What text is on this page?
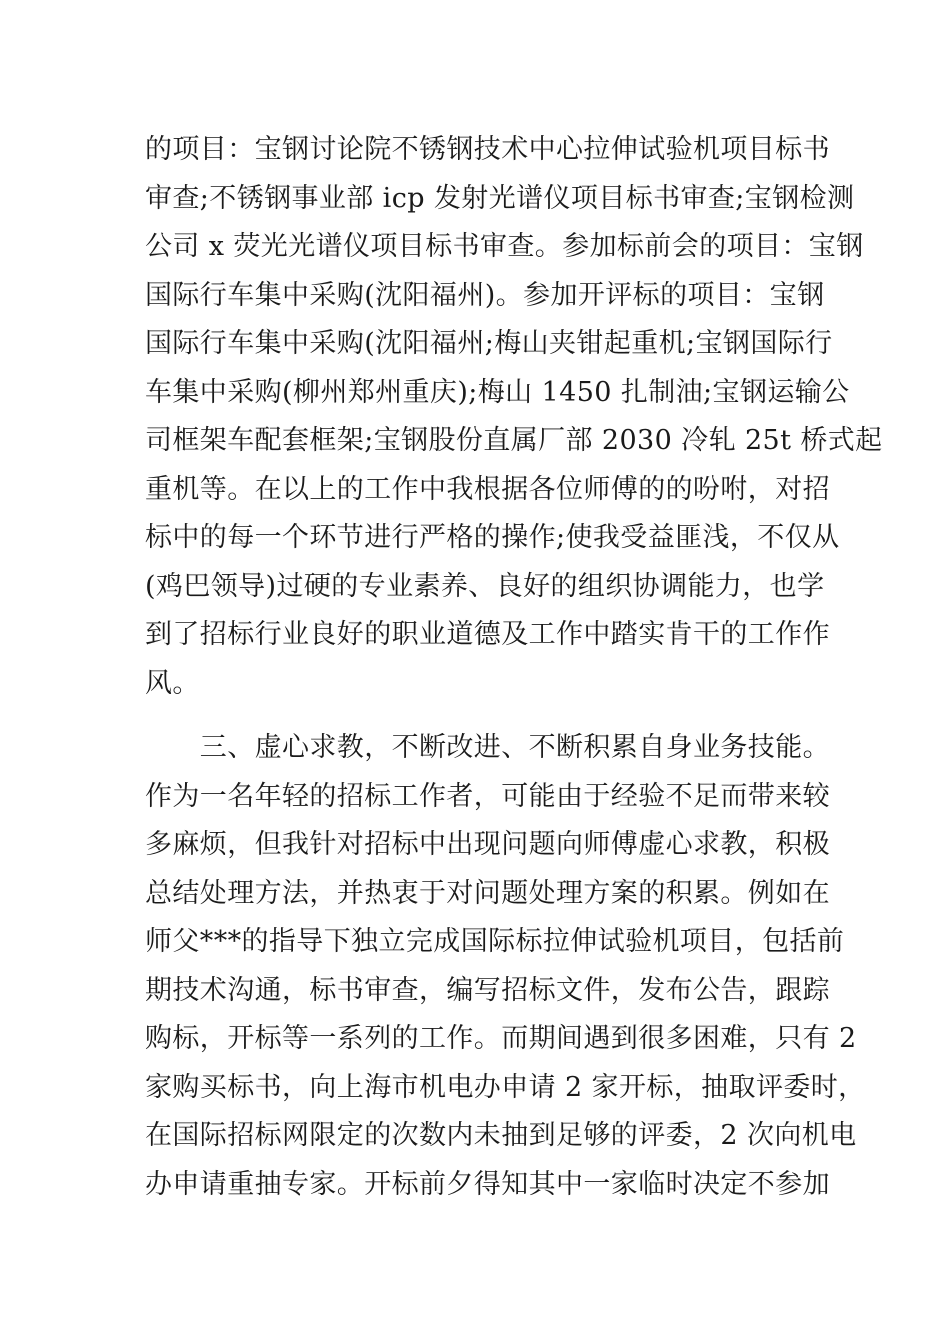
的项目：宝钢讨论院不锈钢技术中心拉伸试验机项目标书
审查;不锈钢事业部 icp 发射光谱仪项目标书审查;宝钢检测
公司 x 荧光光谱仪项目标书审查。参加标前会的项目：宝钢
国际行车集中采购(沈阳福州)。参加开评标的项目：宝钢
国际行车集中采购(沈阳福州;梅山夹钳起重机;宝钢国际行
车集中采购(柳州郑州重庆);梅山 1450 扎制油;宝钢运输公
司框架车配套框架;宝钢股份直属厂部 2030 冷轧 25t 桥式起
重机等。在以上的工作中我根据各位师傅的的吩咐，对招
标中的每一个环节进行严格的操作;使我受益匪浅，不仅从
(鸡巴领导)过硬的专业素养、良好的组织协调能力，也学
到了招标行业良好的职业道德及工作中踏实肯干的工作作
风。
　　三、虚心求教，不断改进、不断积累自身业务技能。
作为一名年轻的招标工作者，可能由于经验不足而带来较
多麻烦，但我针对招标中出现问题向师傅虚心求教，积极
总结处理方法，并热衷于对问题处理方案的积累。例如在
师父***的指导下独立完成国际标拉伸试验机项目，包括前
期技术沟通，标书审查，编写招标文件，发布公告，跟踪
购标，开标等一系列的工作。而期间遇到很多困难，只有 2
家购买标书，向上海市机电办申请 2 家开标，抽取评委时，
在国际招标网限定的次数内未抽到足够的评委，2 次向机电
办申请重抽专家。开标前夕得知其中一家临时决定不参加
